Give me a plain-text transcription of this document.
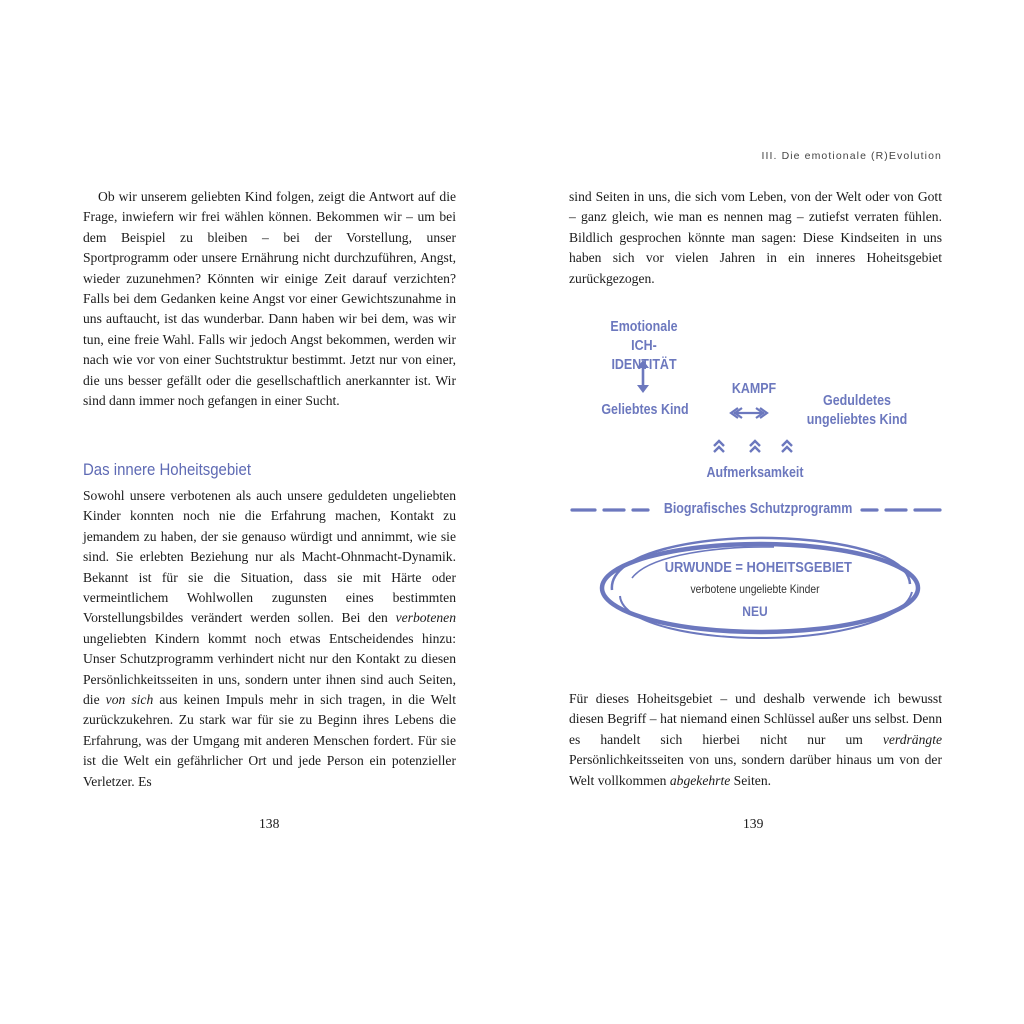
Ob wir unserem geliebten Kind folgen, zeigt die Antwort auf die Frage, inwiefern wir frei wählen können. Bekommen wir – um bei dem Beispiel zu bleiben – bei der Vorstellung, unser Sportprogramm oder unsere Ernährung nicht durchzuführen, Angst, wieder zuzunehmen? Könnten wir einige Zeit darauf verzichten? Falls bei dem Gedanken keine Angst vor einer Gewichtszunahme in uns auftaucht, ist das wunderbar. Dann haben wir bei dem, was wir tun, eine freie Wahl. Falls wir jedoch Angst bekommen, werden wir nach wie vor von einer Suchtstruktur bestimmt. Jetzt nur von einer, die uns besser gefällt oder die gesellschaftlich anerkannter ist. Wir sind dann immer noch gefangen in einer Sucht.

Das innere Hoheitsgebiet

Sowohl unsere verbotenen als auch unsere geduldeten ungeliebten Kinder konnten noch nie die Erfahrung machen, Kontakt zu jemandem zu haben, der sie genauso würdigt und annimmt, wie sie sind. Sie erlebten Beziehung nur als Macht-Ohnmacht-Dynamik. Bekannt ist für sie die Situation, dass sie mit Härte oder vermeintlichem Wohlwollen zugunsten eines bestimmten Vorstellungsbildes verändert werden sollen. Bei den verbotenen ungeliebten Kindern kommt noch etwas Entscheidendes hinzu: Unser Schutzprogramm verhindert nicht nur den Kontakt zu diesen Persönlichkeitsseiten in uns, sondern unter ihnen sind auch Seiten, die von sich aus keinen Impuls mehr in sich tragen, in die Welt zurückzukehren. Zu stark war für sie zu Beginn ihres Lebens die Erfahrung, was der Umgang mit anderen Menschen fordert. Für sie ist die Welt ein gefährlicher Ort und jede Person ein potenzieller Verletzer. Es

138
III. Die emotionale (R)Evolution

sind Seiten in uns, die sich vom Leben, von der Welt oder von Gott – ganz gleich, wie man es nennen mag – zutiefst verraten fühlen. Bildlich gesprochen könnte man sagen: Diese Kindseiten in uns haben sich vor vielen Jahren in ein inneres Hoheitsgebiet zurückgezogen.

Emotionale ICH-IDENTITÄT
Geliebtes Kind
KAMPF
Geduldetes ungeliebtes Kind
Aufmerksamkeit
Biografisches Schutzprogramm
URWUNDE = HOHEITSGEBIET
verbotene ungeliebte Kinder
NEU

Für dieses Hoheitsgebiet – und deshalb verwende ich bewusst diesen Begriff – hat niemand einen Schlüssel außer uns selbst. Denn es handelt sich hierbei nicht nur um verdrängte Persönlichkeitsseiten von uns, sondern darüber hinaus um von der Welt vollkommen abgekehrte Seiten.

139
